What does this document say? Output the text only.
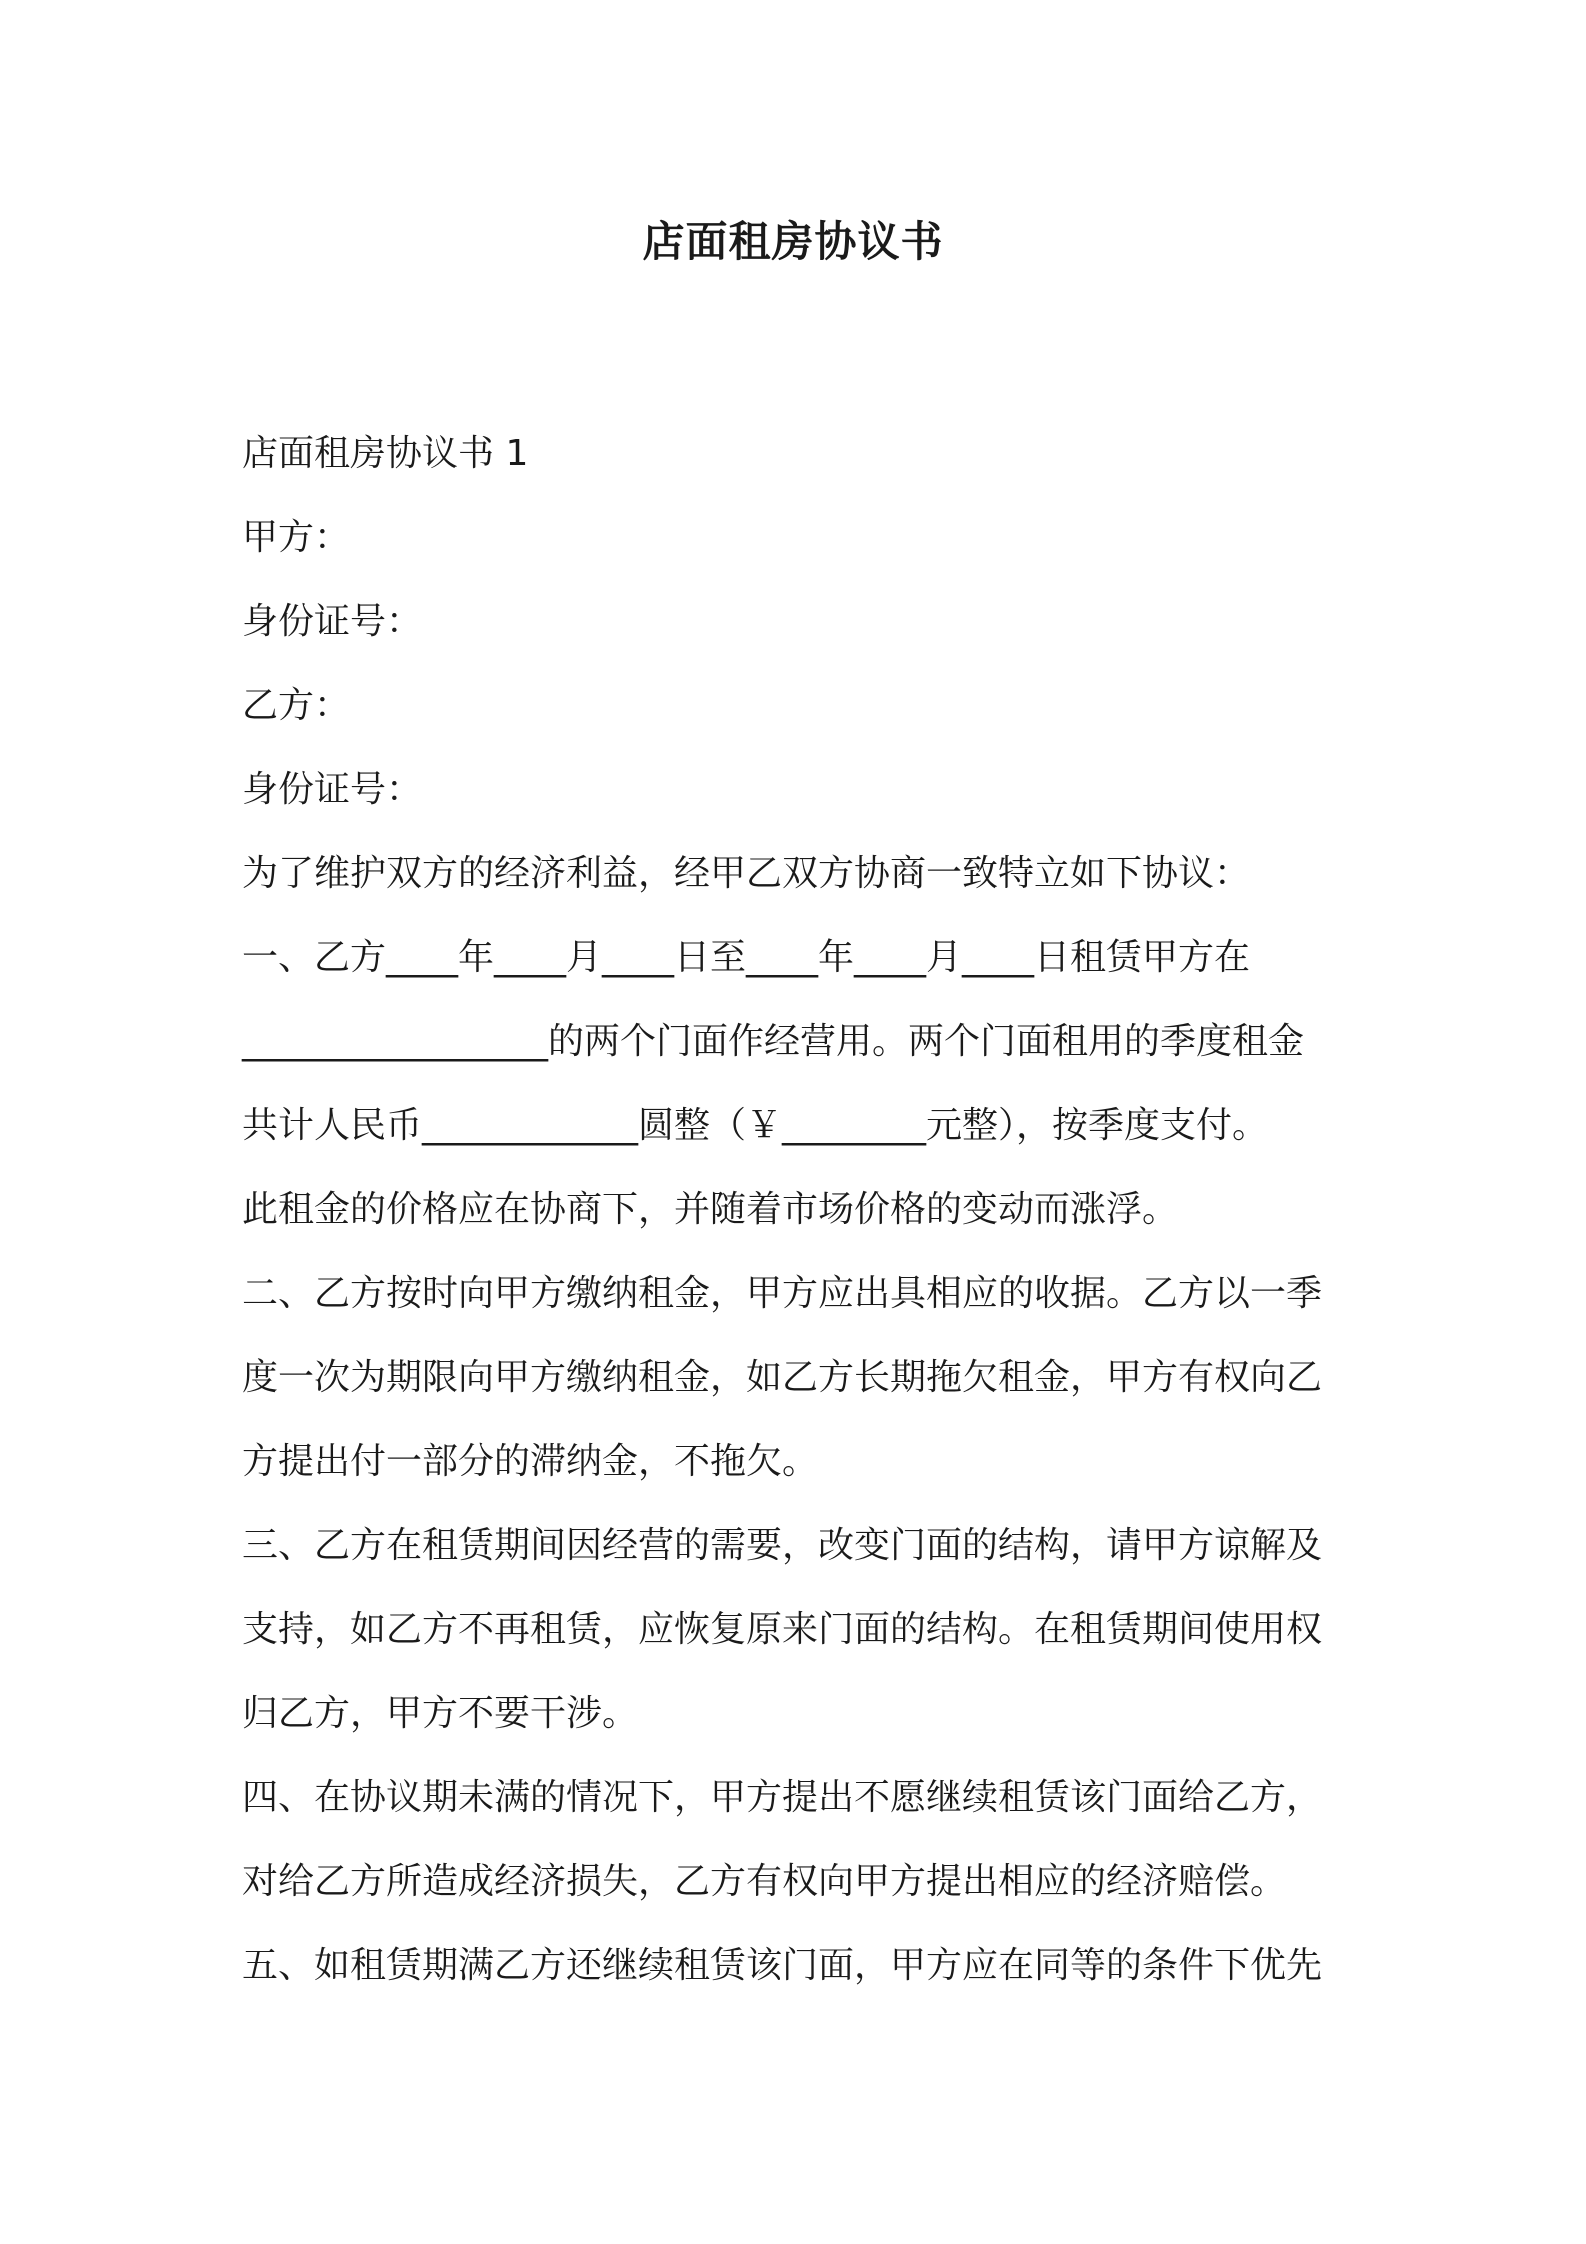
店面租房协议书

店面租房协议书 1

甲方：

身份证号：

乙方：

身份证号：

为了维护双方的经济利益，经甲乙双方协商一致特立如下协议：

一、乙方____年____月____日至____年____月____日租赁甲方在

_________________的两个门面作经营用。两个门面租用的季度租金

共计人民币____________圆整（￥________元整），按季度支付。

此租金的价格应在协商下，并随着市场价格的变动而涨浮。

二、乙方按时向甲方缴纳租金，甲方应出具相应的收据。乙方以一季

度一次为期限向甲方缴纳租金，如乙方长期拖欠租金，甲方有权向乙

方提出付一部分的滞纳金，不拖欠。

三、乙方在租赁期间因经营的需要，改变门面的结构，请甲方谅解及

支持，如乙方不再租赁，应恢复原来门面的结构。在租赁期间使用权

归乙方，甲方不要干涉。

四、在协议期未满的情况下，甲方提出不愿继续租赁该门面给乙方，

对给乙方所造成经济损失，乙方有权向甲方提出相应的经济赔偿。

五、如租赁期满乙方还继续租赁该门面，甲方应在同等的条件下优先
